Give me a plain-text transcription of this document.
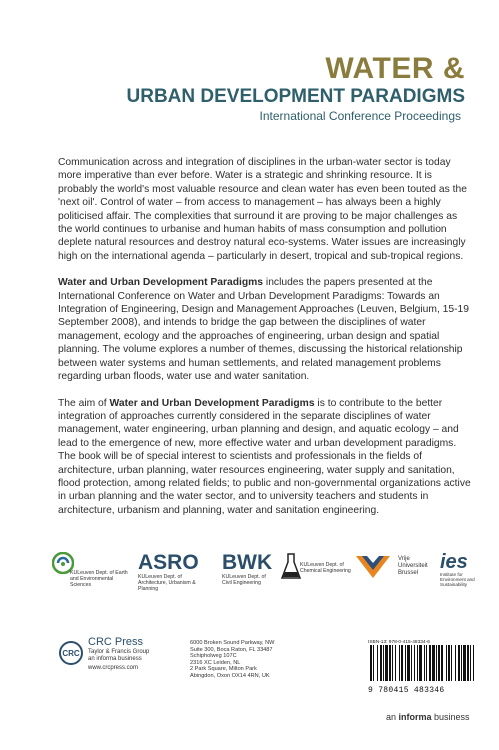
WATER &
URBAN DEVELOPMENT PARADIGMS
International Conference Proceedings

Communication across and integration of disciplines in the urban-water sector is today more imperative than ever before. Water is a strategic and shrinking resource. It is probably the world's most valuable resource and clean water has even been touted as the 'next oil'. Control of water – from access to management – has always been a highly politicised affair. The complexities that surround it are proving to be major challenges as the world continues to urbanise and human habits of mass consumption and pollution deplete natural resources and destroy natural eco-systems. Water issues are increasingly high on the international agenda – particularly in desert, tropical and sub-tropical regions.

Water and Urban Development Paradigms includes the papers presented at the International Conference on Water and Urban Development Paradigms: Towards an Integration of Engineering, Design and Management Approaches (Leuven, Belgium, 15-19 September 2008), and intends to bridge the gap between the disciplines of water management, ecology and the approaches of engineering, urban design and spatial planning. The volume explores a number of themes, discussing the historical relationship between water systems and human settlements, and related management problems regarding urban floods, water use and water sanitation.

The aim of Water and Urban Development Paradigms is to contribute to the better integration of approaches currently considered in the separate disciplines of water management, water engineering, urban planning and design, and aquatic ecology – and lead to the emergence of new, more effective water and urban development paradigms. The book will be of special interest to scientists and professionals in the fields of architecture, urban planning, water resources engineering, water supply and sanitation, flood protection, among related fields; to public and non-governmental organizations active in urban planning and the water sector, and to university teachers and students in architecture, urbanism and planning, water and sanitation engineering.

KULeuven Dept. of Earth and Environmental Sciences
ASRO
KULeuven Dept. of Architecture, Urbanism & Planning
BWK
KULeuven Dept. of Civil Engineering
KULeuven Dept. of Chemical Engineering
Vrije Universiteit Brussel	ies
Institute for Environment and Sustainability
CRC
CRC Press
Taylor & Francis Group
an informa business
www.crcpress.com
6000 Broken Sound Parkway, NW
Suite 300, Boca Raton, FL 33487
Schipholweg 107C
2316 XC Leiden, NL
2 Park Square, Milton Park
Abingdon, Oxon OX14 4RN, UK
ISBN-13: 978-0-415-48334-6
9 780415 483346
an informa business
